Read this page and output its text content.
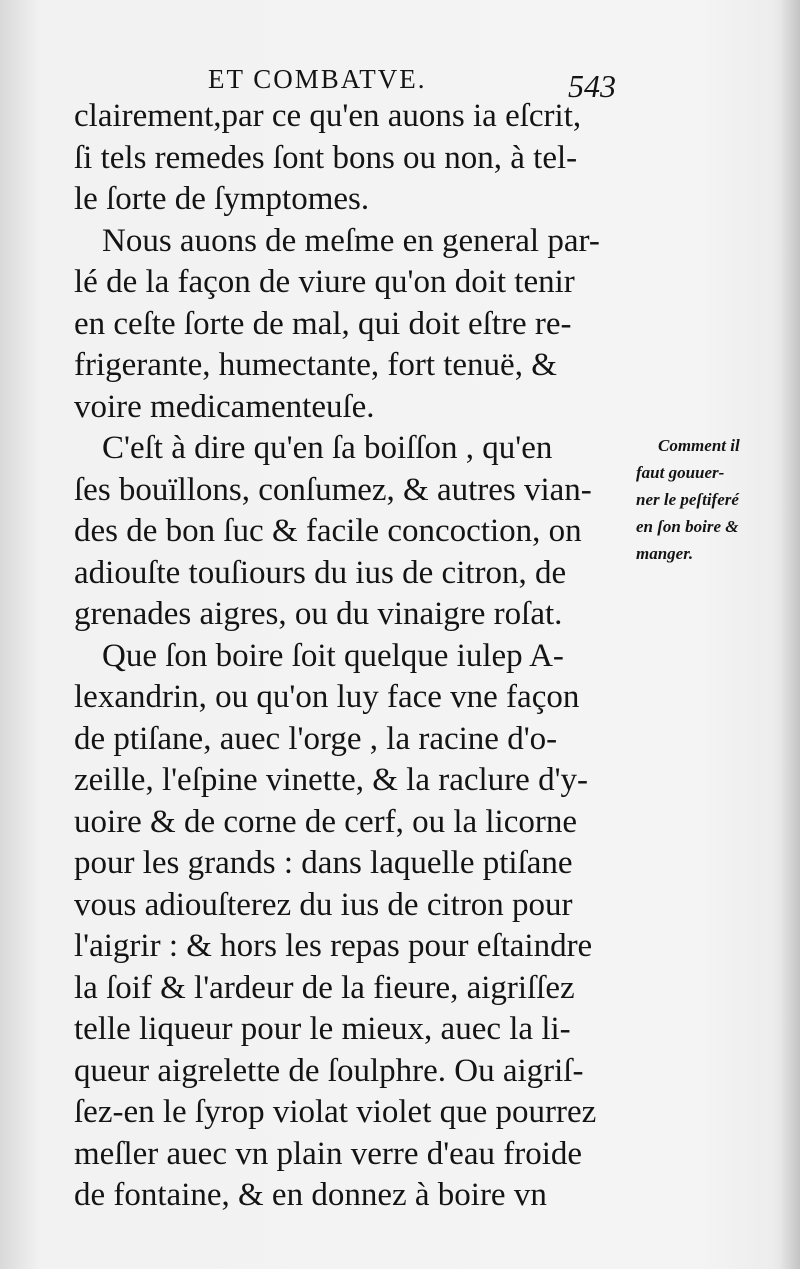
ET COMBATVE.	543
clairement,par ce qu'en auons ia eſcrit,
ſi tels remedes ſont bons ou non, à tel-
le ſorte de ſymptomes.
Nous auons de meſme en general par-
lé de la façon de viure qu'on doit tenir
en ceſte ſorte de mal, qui doit eſtre re-
frigerante, humectante, fort tenuë, &
voire medicamenteuſe.
C'eſt à dire qu'en ſa boiſſon , qu'en
ſes bouïllons, conſumez, & autres vian-
des de bon ſuc & facile concoction, on
adiouſte touſiours du ius de citron, de
grenades aigres, ou du vinaigre roſat.
Que ſon boire ſoit quelque iulep A-
lexandrin, ou qu'on luy face vne façon
de ptiſane, auec l'orge , la racine d'o-
zeille, l'eſpine vinette, & la raclure d'y-
uoire & de corne de cerf, ou la licorne
pour les grands : dans laquelle ptiſane
vous adiouſterez du ius de citron pour
l'aigrir : & hors les repas pour eſtaindre
la ſoif & l'ardeur de la fieure, aigriſſez
telle liqueur pour le mieux, auec la li-
queur aigrelette de ſoulphre. Ou aigriſ-
ſez-en le ſyrop violat violet que pourrez
meſler auec vn plain verre d'eau froide
de fontaine, & en donnez à boire vn
Comment il
faut gouuer-
ner le peſtiferé
en ſon boire &
manger.
